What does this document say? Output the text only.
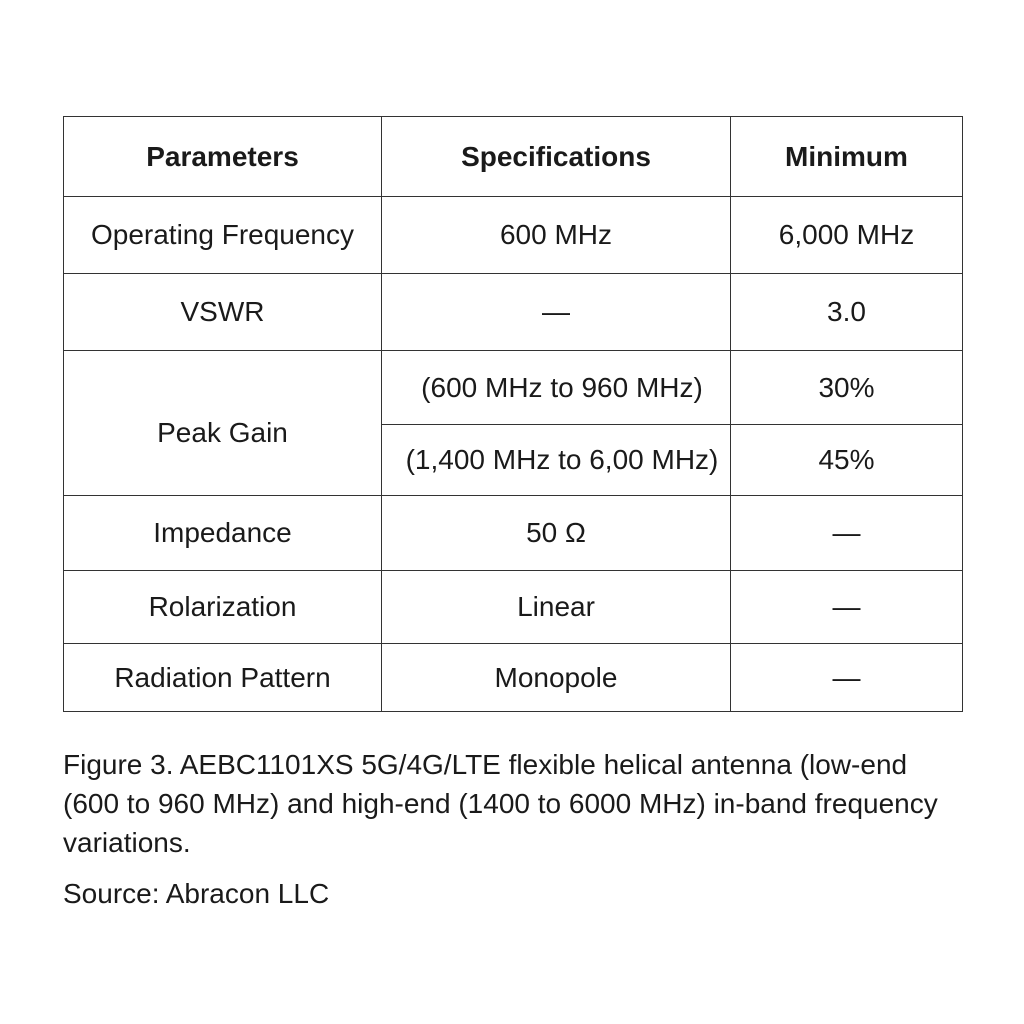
Parameters	Specifications	Minimum
Operating Frequency	600 MHz	6,000 MHz
VSWR	—	3.0
Peak Gain	(600 MHz to 960 MHz)	30%
	(1,400 MHz to 6,00 MHz)	45%
Impedance	50 Ω	—
Rolarization	Linear	—
Radiation Pattern	Monopole	—
Figure 3. AEBC1101XS 5G/4G/LTE flexible helical antenna (low-end (600 to 960 MHz) and high-end (1400 to 6000 MHz) in-band frequency variations.
Source: Abracon LLC
